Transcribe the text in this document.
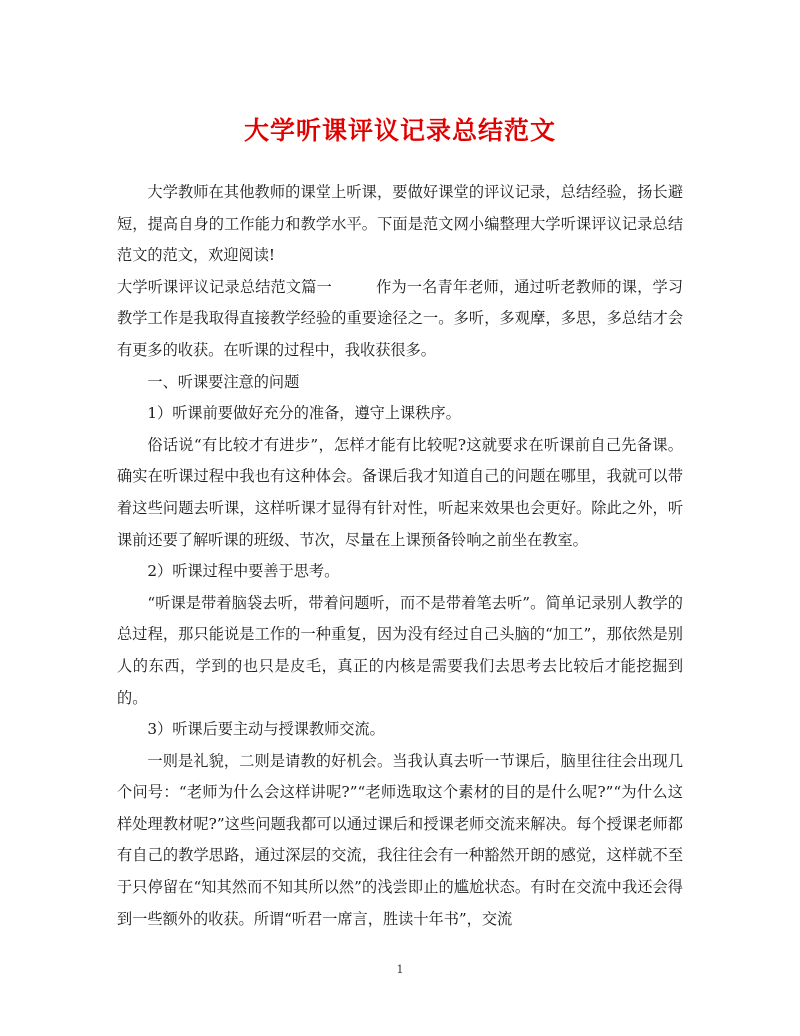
大学听课评议记录总结范文

大学教师在其他教师的课堂上听课，要做好课堂的评议记录，总结经验，扬长避短，提高自身的工作能力和教学水平。下面是范文网小编整理大学听课评议记录总结范文的范文，欢迎阅读!

大学听课评议记录总结范文篇一	作为一名青年老师，通过听老教师的课，学习教学工作是我取得直接教学经验的重要途径之一。多听，多观摩，多思，多总结才会有更多的收获。在听课的过程中，我收获很多。

一、听课要注意的问题

1）听课前要做好充分的准备，遵守上课秩序。

俗话说“有比较才有进步”，怎样才能有比较呢?这就要求在听课前自己先备课。确实在听课过程中我也有这种体会。备课后我才知道自己的问题在哪里，我就可以带着这些问题去听课，这样听课才显得有针对性，听起来效果也会更好。除此之外，听课前还要了解听课的班级、节次，尽量在上课预备铃响之前坐在教室。

2）听课过程中要善于思考。

“听课是带着脑袋去听，带着问题听，而不是带着笔去听”。简单记录别人教学的总过程，那只能说是工作的一种重复，因为没有经过自己头脑的“加工”，那依然是别人的东西，学到的也只是皮毛，真正的内核是需要我们去思考去比较后才能挖掘到的。

3）听课后要主动与授课教师交流。

一则是礼貌，二则是请教的好机会。当我认真去听一节课后，脑里往往会出现几个问号：“老师为什么会这样讲呢?”“老师选取这个素材的目的是什么呢?”“为什么这样处理教材呢?”这些问题我都可以通过课后和授课老师交流来解决。每个授课老师都有自己的教学思路，通过深层的交流，我往往会有一种豁然开朗的感觉，这样就不至于只停留在“知其然而不知其所以然”的浅尝即止的尴尬状态。有时在交流中我还会得到一些额外的收获。所谓“听君一席言，胜读十年书”，交流

1
